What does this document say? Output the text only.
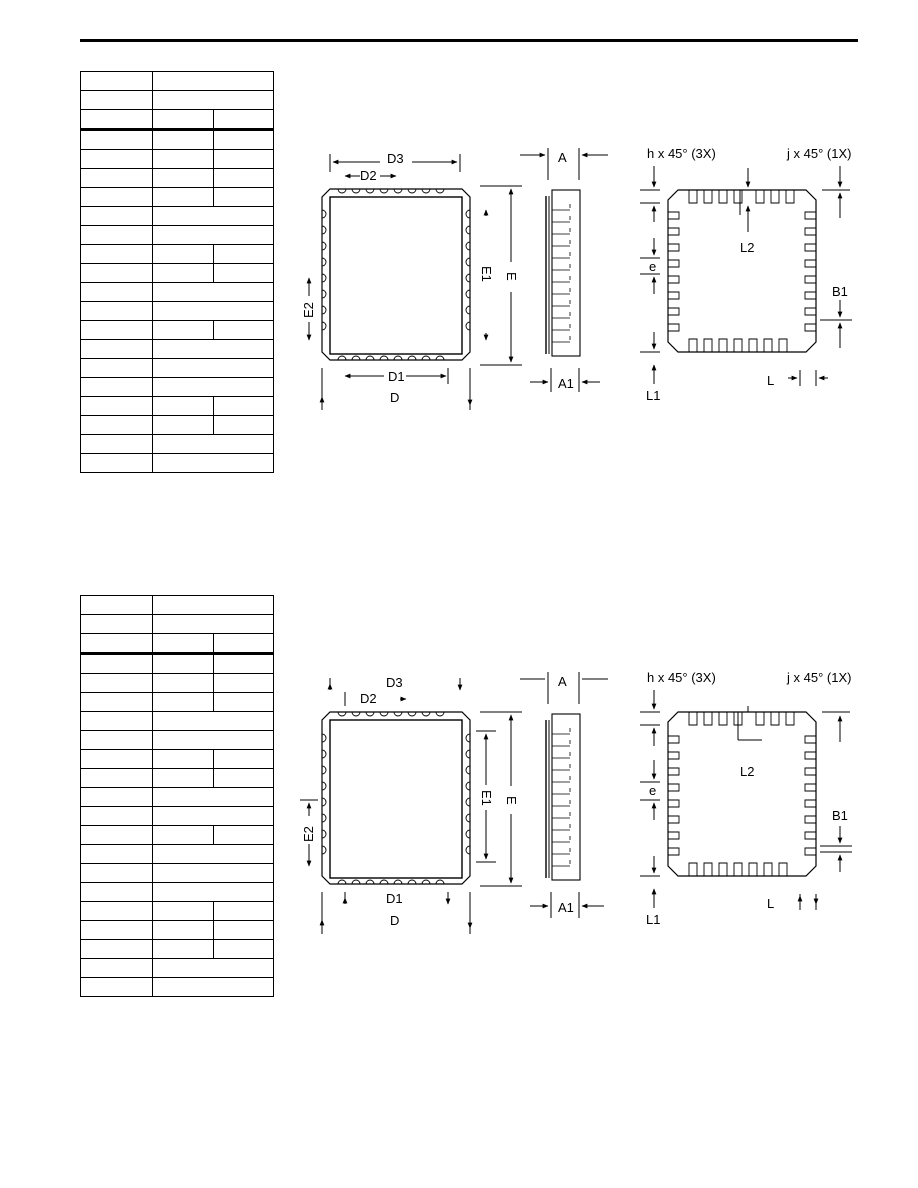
D3
D2
E2
E1 E
D1
D
A
A1
h x 45° (3X)	j x 45° (1X)
L2
e
B1
L1
L
D3
D2
E2
E1 E
D1
D
A
A1
h x 45° (3X)	j x 45° (1X)
L2
e
B1
L1
L
